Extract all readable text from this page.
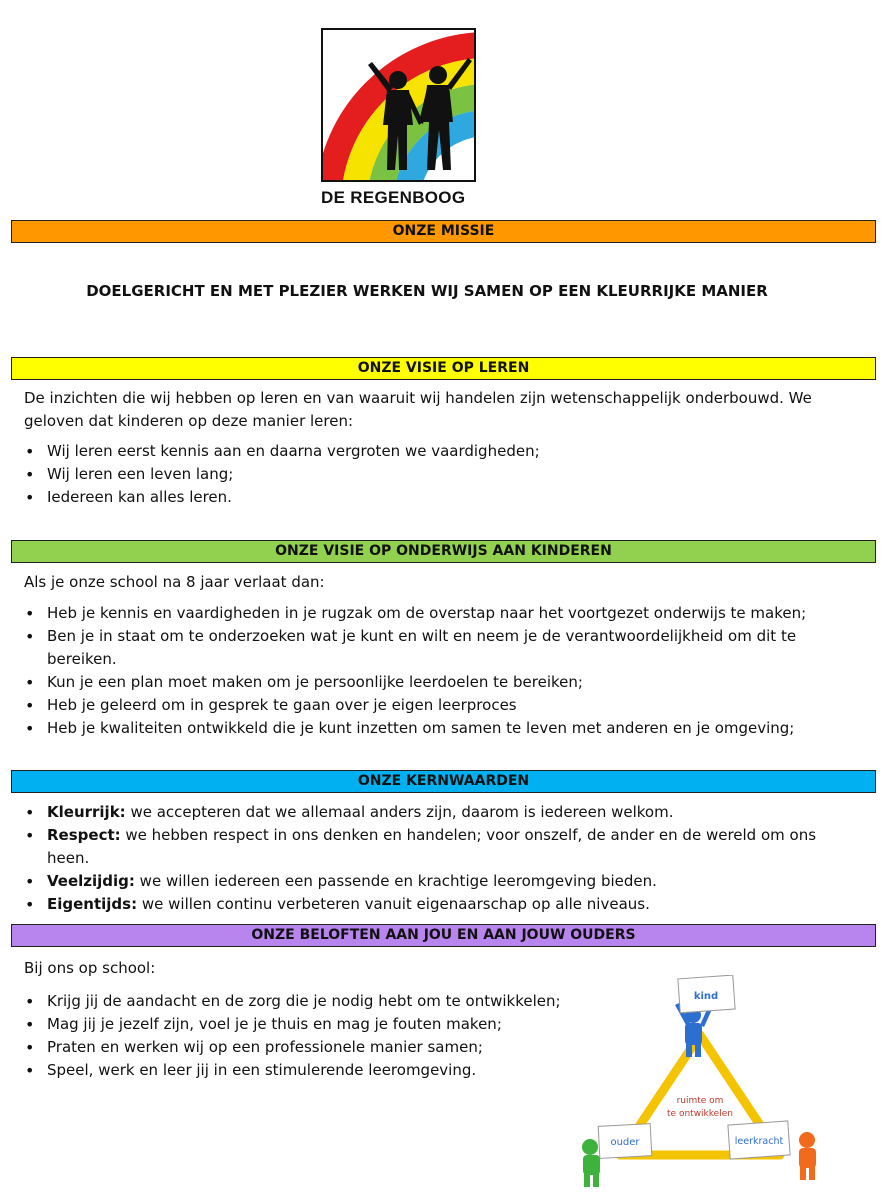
DE REGENBOOG
ONZE MISSIE
DOELGERICHT EN MET PLEZIER WERKEN WIJ SAMEN OP EEN KLEURRIJKE MANIER
ONZE VISIE OP LEREN

De inzichten die wij hebben op leren en van waaruit wij handelen zijn wetenschappelijk onderbouwd. We geloven dat kinderen op deze manier leren:

• Wij leren eerst kennis aan en daarna vergroten we vaardigheden;
• Wij leren een leven lang;
• Iedereen kan alles leren.
ONZE VISIE OP ONDERWIJS AAN KINDEREN

Als je onze school na 8 jaar verlaat dan:

• Heb je kennis en vaardigheden in je rugzak om de overstap naar het voortgezet onderwijs te maken;
• Ben je in staat om te onderzoeken wat je kunt en wilt en neem je de verantwoordelijkheid om dit te bereiken.
• Kun je een plan moet maken om je persoonlijke leerdoelen te bereiken;
• Heb je geleerd om in gesprek te gaan over je eigen leerproces
• Heb je kwaliteiten ontwikkeld die je kunt inzetten om samen te leven met anderen en je omgeving;
ONZE KERNWAARDEN
• Kleurrijk: we accepteren dat we allemaal anders zijn, daarom is iedereen welkom.
• Respect: we hebben respect in ons denken en handelen; voor onszelf, de ander en de wereld om ons heen.
• Veelzijdig: we willen iedereen een passende en krachtige leeromgeving bieden.
• Eigentijds: we willen continu verbeteren vanuit eigenaarschap op alle niveaus.
ONZE BELOFTEN AAN JOU EN AAN JOUW OUDERS

Bij ons op school:

• Krijg jij de aandacht en de zorg die je nodig hebt om te ontwikkelen;
• Mag jij je jezelf zijn, voel je je thuis en mag je fouten maken;
• Praten en werken wij op een professionele manier samen;
• Speel, werk en leer jij in een stimulerende leeromgeving.
kind
ruimte om
te ontwikkelen
ouder	leerkracht
